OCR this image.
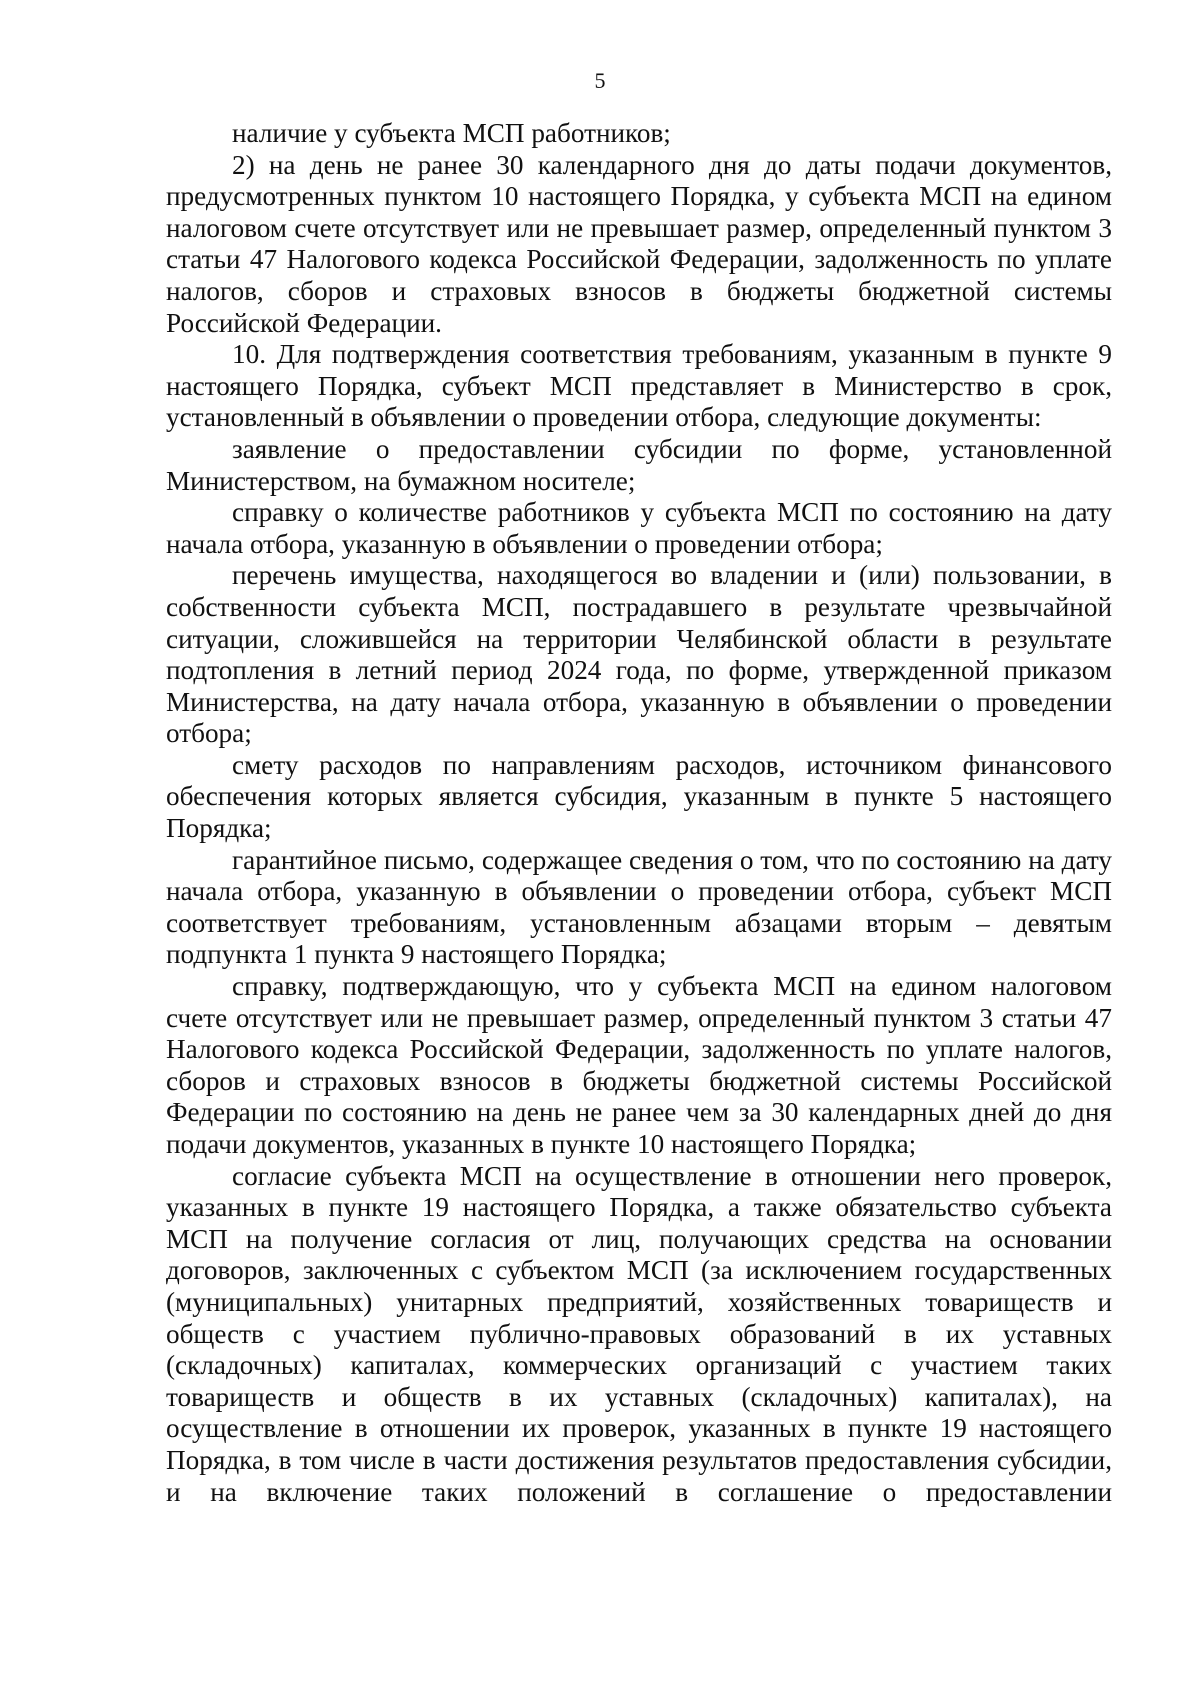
5

наличие у субъекта МСП работников;

2) на день не ранее 30 календарного дня до даты подачи документов, предусмотренных пунктом 10 настоящего Порядка, у субъекта МСП на едином налоговом счете отсутствует или не превышает размер, определенный пунктом 3 статьи 47 Налогового кодекса Российской Федерации, задолженность по уплате налогов, сборов и страховых взносов в бюджеты бюджетной системы Российской Федерации.

10. Для подтверждения соответствия требованиям, указанным в пункте 9 настоящего Порядка, субъект МСП представляет в Министерство в срок, установленный в объявлении о проведении отбора, следующие документы:

заявление о предоставлении субсидии по форме, установленной Министерством, на бумажном носителе;

справку о количестве работников у субъекта МСП по состоянию на дату начала отбора, указанную в объявлении о проведении отбора;

перечень имущества, находящегося во владении и (или) пользовании, в собственности субъекта МСП, пострадавшего в результате чрезвычайной ситуации, сложившейся на территории Челябинской области в результате подтопления в летний период 2024 года, по форме, утвержденной приказом Министерства, на дату начала отбора, указанную в объявлении о проведении отбора;

смету расходов по направлениям расходов, источником финансового обеспечения которых является субсидия, указанным в пункте 5 настоящего Порядка;

гарантийное письмо, содержащее сведения о том, что по состоянию на дату начала отбора, указанную в объявлении о проведении отбора, субъект МСП соответствует требованиям, установленным абзацами вторым – девятым подпункта 1 пункта 9 настоящего Порядка;

справку, подтверждающую, что у субъекта МСП на едином налоговом счете отсутствует или не превышает размер, определенный пунктом 3 статьи 47 Налогового кодекса Российской Федерации, задолженность по уплате налогов, сборов и страховых взносов в бюджеты бюджетной системы Российской Федерации по состоянию на день не ранее чем за 30 календарных дней до дня подачи документов, указанных в пункте 10 настоящего Порядка;

согласие субъекта МСП на осуществление в отношении него проверок, указанных в пункте 19 настоящего Порядка, а также обязательство субъекта МСП на получение согласия от лиц, получающих средства на основании договоров, заключенных с субъектом МСП (за исключением государственных (муниципальных) унитарных предприятий, хозяйственных товариществ и обществ с участием публично-правовых образований в их уставных (складочных) капиталах, коммерческих организаций с участием таких товариществ и обществ в их уставных (складочных) капиталах), на осуществление в отношении их проверок, указанных в пункте 19 настоящего Порядка, в том числе в части достижения результатов предоставления субсидии, и на включение таких положений в соглашение о предоставлении
